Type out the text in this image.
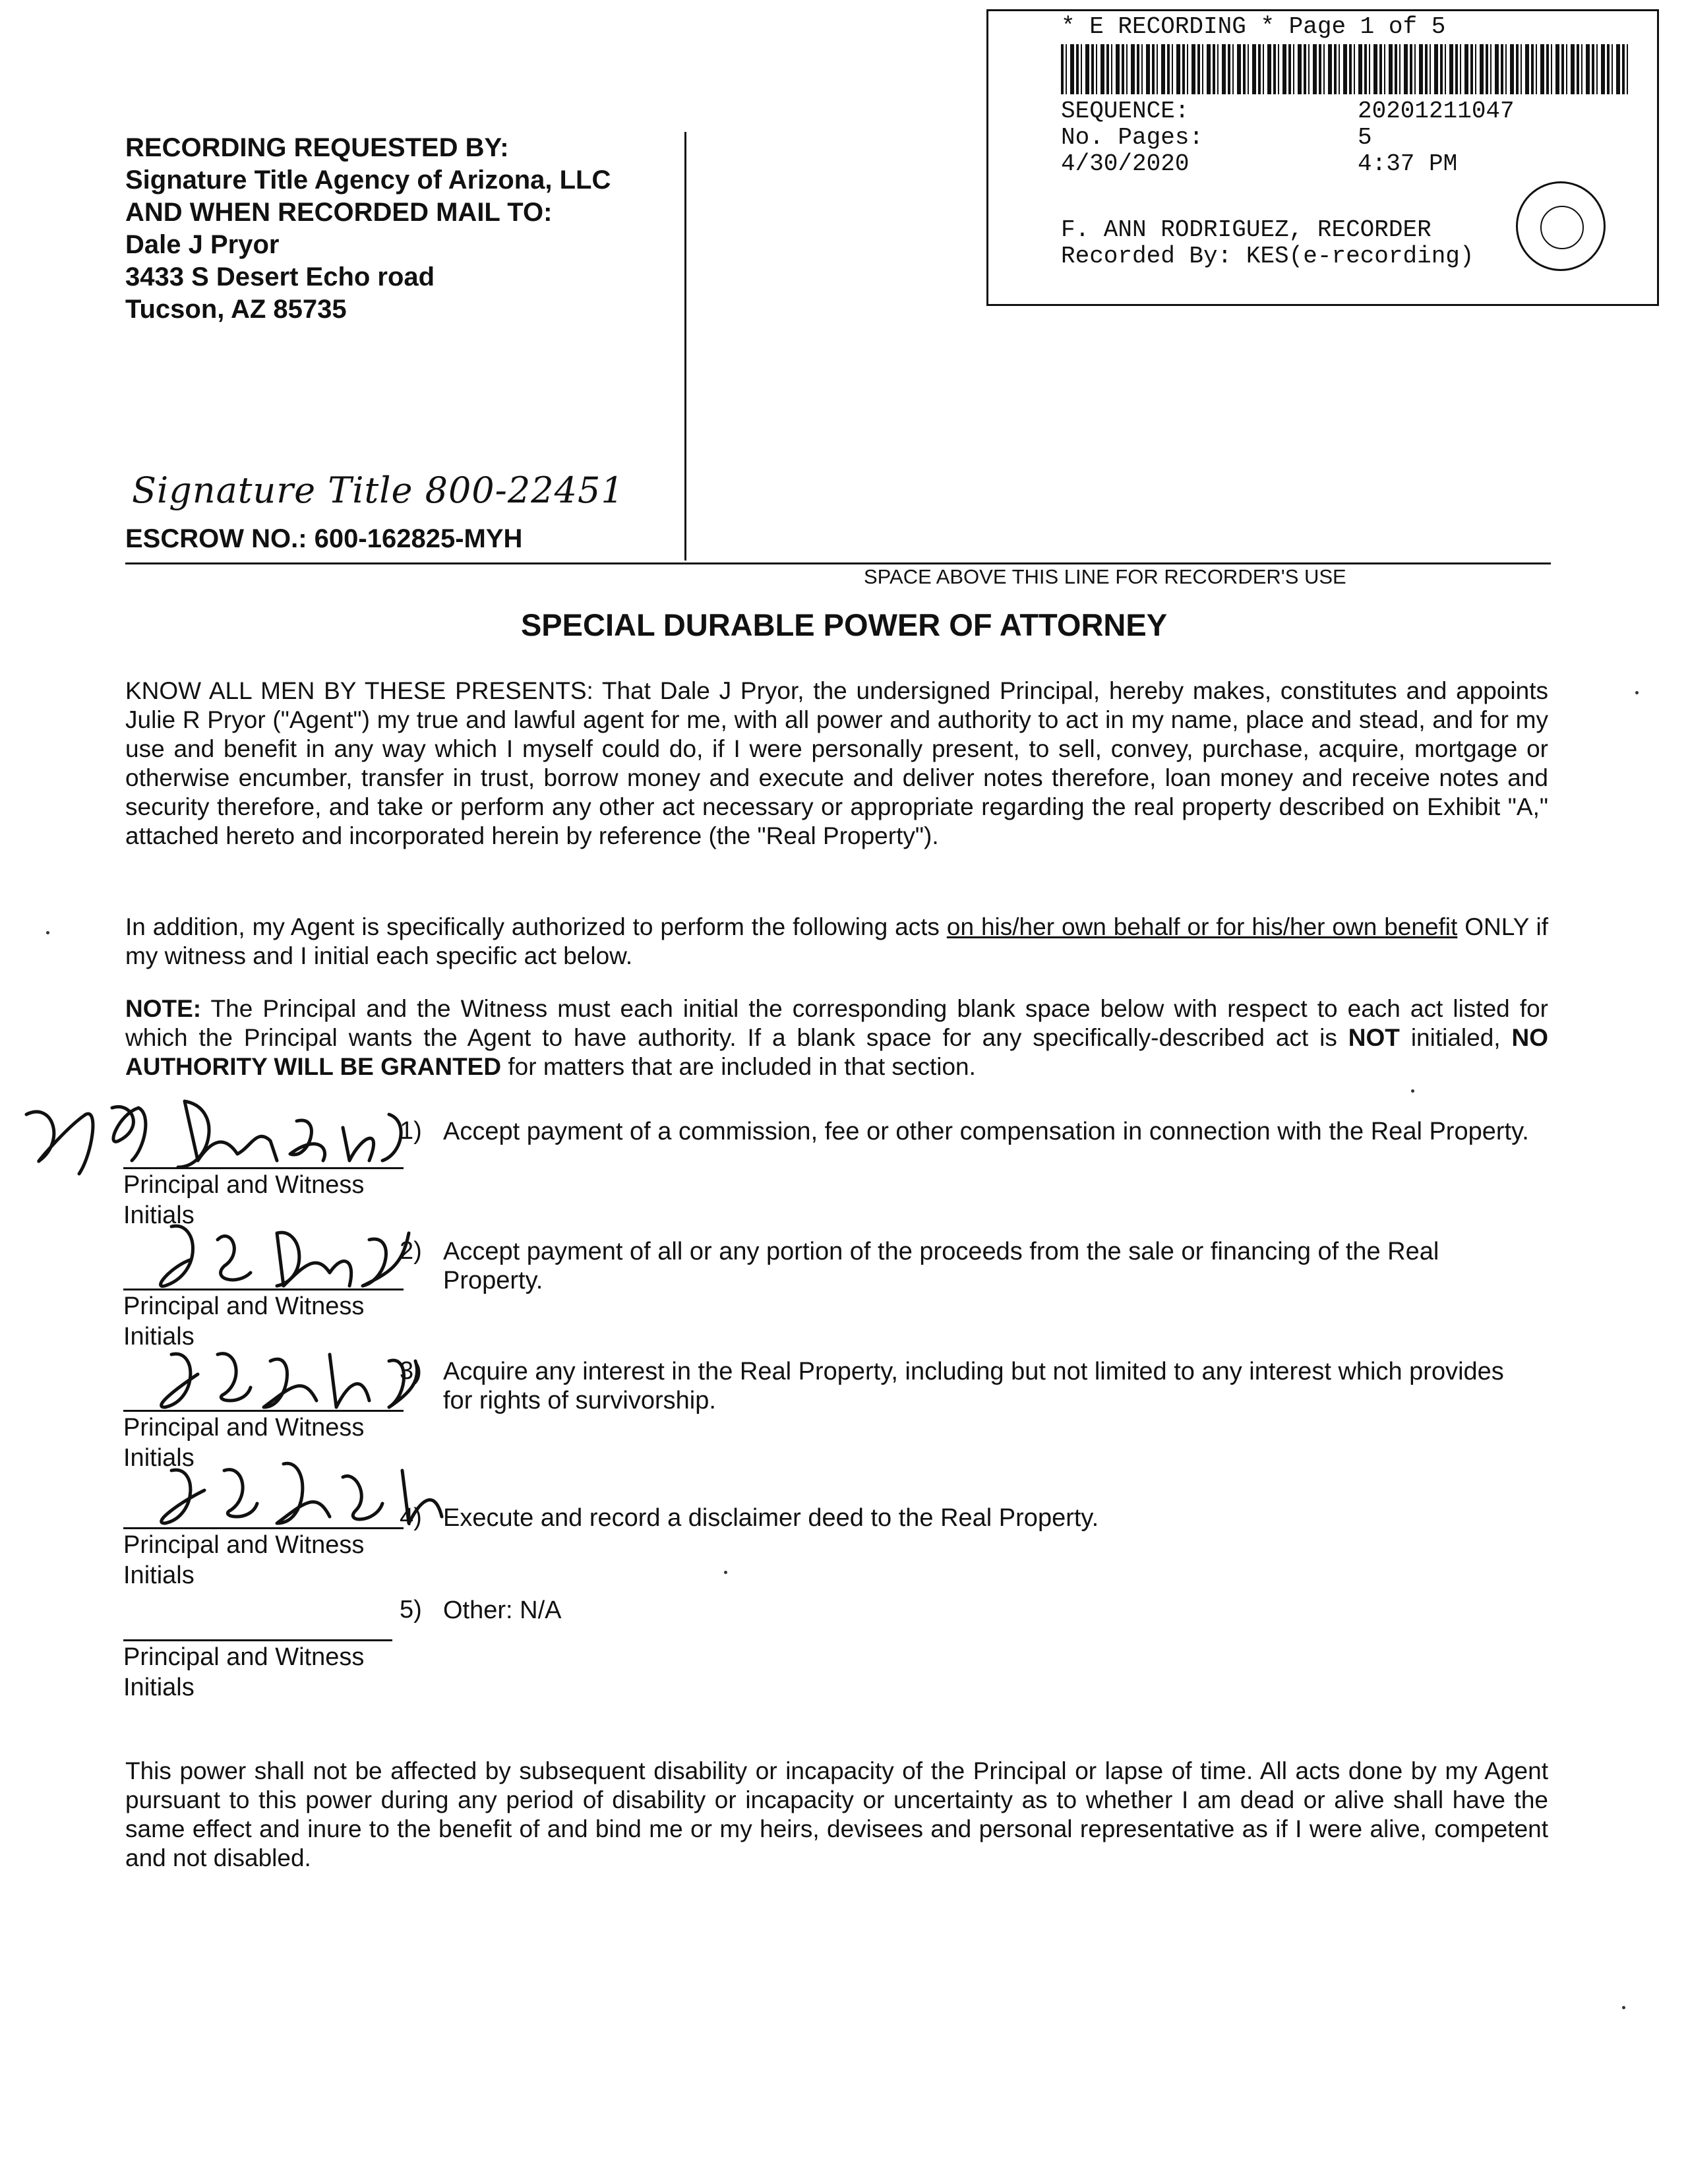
* E RECORDING * Page 1 of 5
SEQUENCE:	20201211047
No. Pages:	5
4/30/2020	4:37 PM
F. ANN RODRIGUEZ, RECORDER
Recorded By: KES(e-recording)
RECORDING REQUESTED BY:
Signature Title Agency of Arizona, LLC
AND WHEN RECORDED MAIL TO:
Dale J Pryor
3433 S Desert Echo road
Tucson, AZ 85735
Signature Title 800-22451
ESCROW NO.: 600-162825-MYH
SPACE ABOVE THIS LINE FOR RECORDER'S USE
SPECIAL DURABLE POWER OF ATTORNEY
KNOW ALL MEN BY THESE PRESENTS: That Dale J Pryor, the undersigned Principal, hereby makes, constitutes and appoints Julie R Pryor ("Agent") my true and lawful agent for me, with all power and authority to act in my name, place and stead, and for my use and benefit in any way which I myself could do, if I were personally present, to sell, convey, purchase, acquire, mortgage or otherwise encumber, transfer in trust, borrow money and execute and deliver notes therefore, loan money and receive notes and security therefore, and take or perform any other act necessary or appropriate regarding the real property described on Exhibit "A," attached hereto and incorporated herein by reference (the "Real Property").
In addition, my Agent is specifically authorized to perform the following acts on his/her own behalf or for his/her own benefit ONLY if my witness and I initial each specific act below.
NOTE: The Principal and the Witness must each initial the corresponding blank space below with respect to each act listed for which the Principal wants the Agent to have authority. If a blank space for any specifically-described act is NOT initialed, NO AUTHORITY WILL BE GRANTED for matters that are included in that section.
Principal and Witness
Initials
1) Accept payment of a commission, fee or other compensation in connection with the Real Property.
Principal and Witness
Initials
2) Accept payment of all or any portion of the proceeds from the sale or financing of the Real Property.
Principal and Witness
Initials
3) Acquire any interest in the Real Property, including but not limited to any interest which provides for rights of survivorship.
Principal and Witness
Initials
4) Execute and record a disclaimer deed to the Real Property.
5) Other: N/A
Principal and Witness
Initials
This power shall not be affected by subsequent disability or incapacity of the Principal or lapse of time. All acts done by my Agent pursuant to this power during any period of disability or incapacity or uncertainty as to whether I am dead or alive shall have the same effect and inure to the benefit of and bind me or my heirs, devisees and personal representative as if I were alive, competent and not disabled.
